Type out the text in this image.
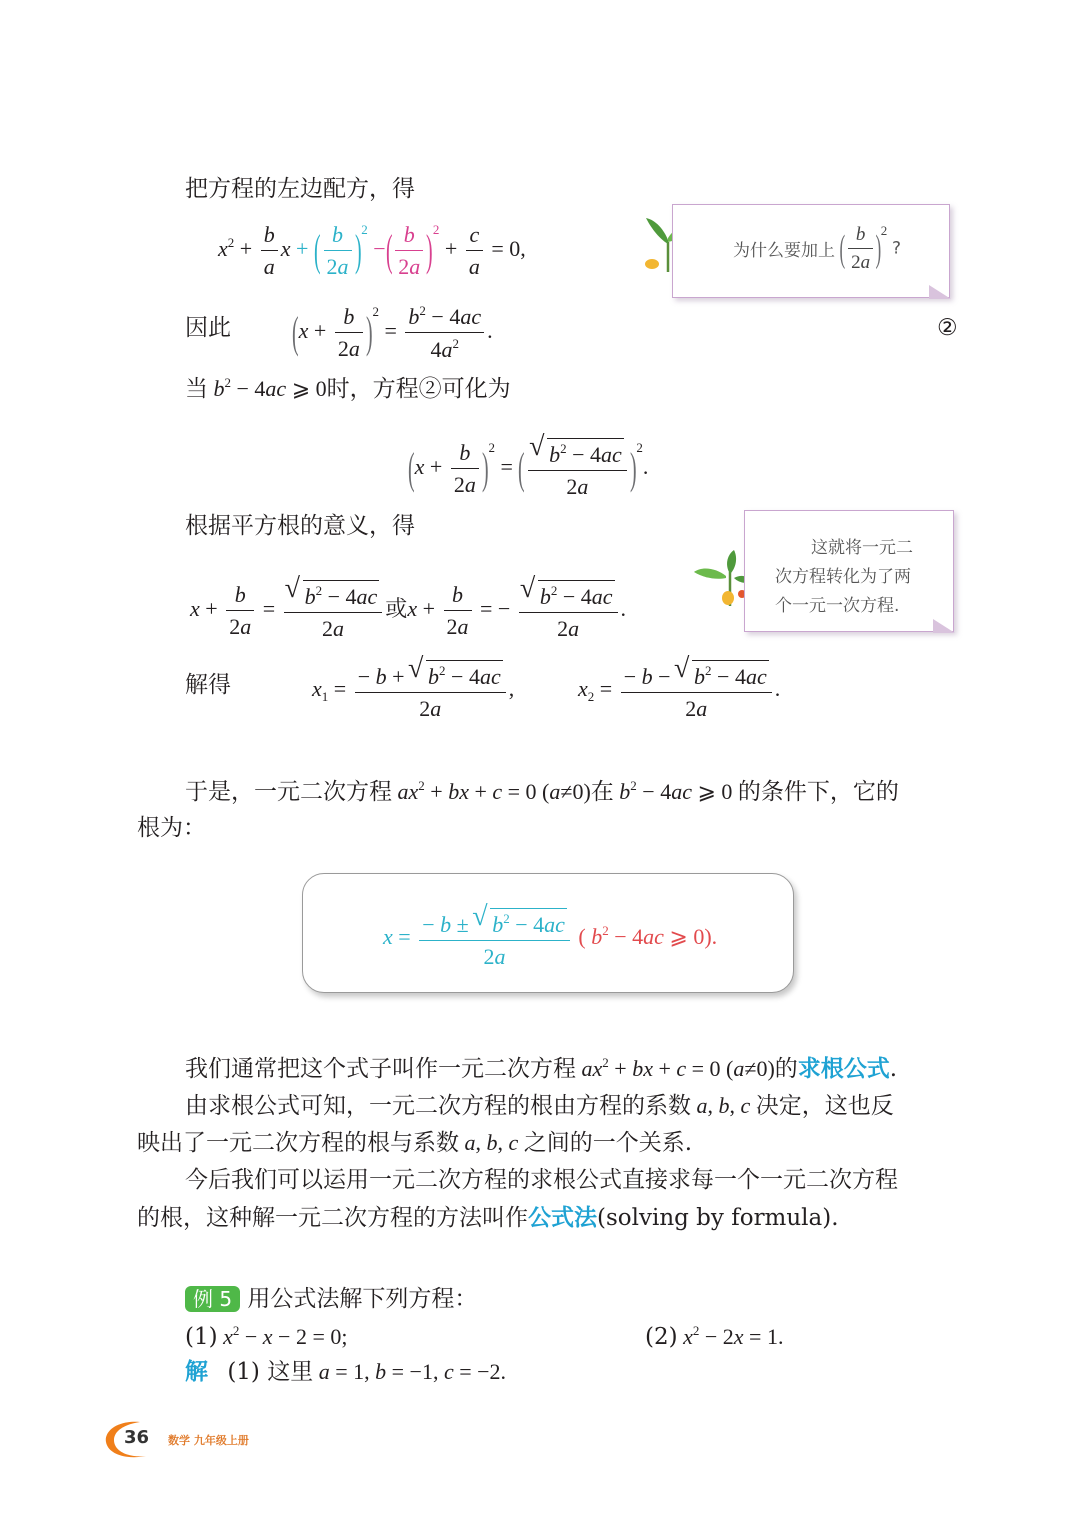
把方程的左边配方，得
$x^2 + \frac{b}{a}$ x + ( $\frac{b}{2a} )^2$ −( $\frac{b}{2a} )^2 + \frac{c}{a} = 0$,	为什么要加上 ( $\frac{b}{2a} )^2$ ?
因此 $(x + \frac{b}{2a} )^2 = \frac{b^2 - 4ac}{4a^2}$ .	②
当 $b^2 - 4ac$ ⩾ 0时，方程②可化为
$(x + \frac{b}{2a} )^2$ = ( √ $\frac{b^2 - 4ac}{2a} )^2$.
根据平方根的意义，得
$x + \frac{b}{2a}$ = √ $\frac{b^2 - 4ac}{2a}$ 或$x + \frac{b}{2a}$ = − √ $\frac{b^2 - 4ac}{2a}$ .
这就将一元二
次方程转化为了两
个一元一次方程.
解得	$x_1 = \frac{- b + √ b^2 - 4ac}{2a}$ ,	$x_2 = \frac{- b - √ b^2 - 4ac}{2a}$ .
于是，一元二次方程 $ax^2$ + bx + c = 0 (a≠0)在 $b^2 - 4ac$ ⩾ 0 的条件下，它的
根为：
$x = \frac{- b \pm √ b^2 - 4ac}{2a}$ ( $b^2 - 4ac$ ⩾ 0).
我们通常把这个式子叫作一元二次方程 $ax^2$ + bx + c = 0 (a≠0)的求根公式.
由求根公式可知，一元二次方程的根由方程的系数 a, b, c 决定，这也反
映出了一元二次方程的根与系数 a, b, c 之间的一个关系.
今后我们可以运用一元二次方程的求根公式直接求每一个一元二次方程
的根，这种解一元二次方程的方法叫作公式法(solving by formula).
例 5 用公式法解下列方程：
(1) $x^2 - x - 2 = 0$;	(2) $x^2 - 2x = 1$.
解 (1) 这里 a = 1, b = −1, c = −2.
36 数学 九年级上册
